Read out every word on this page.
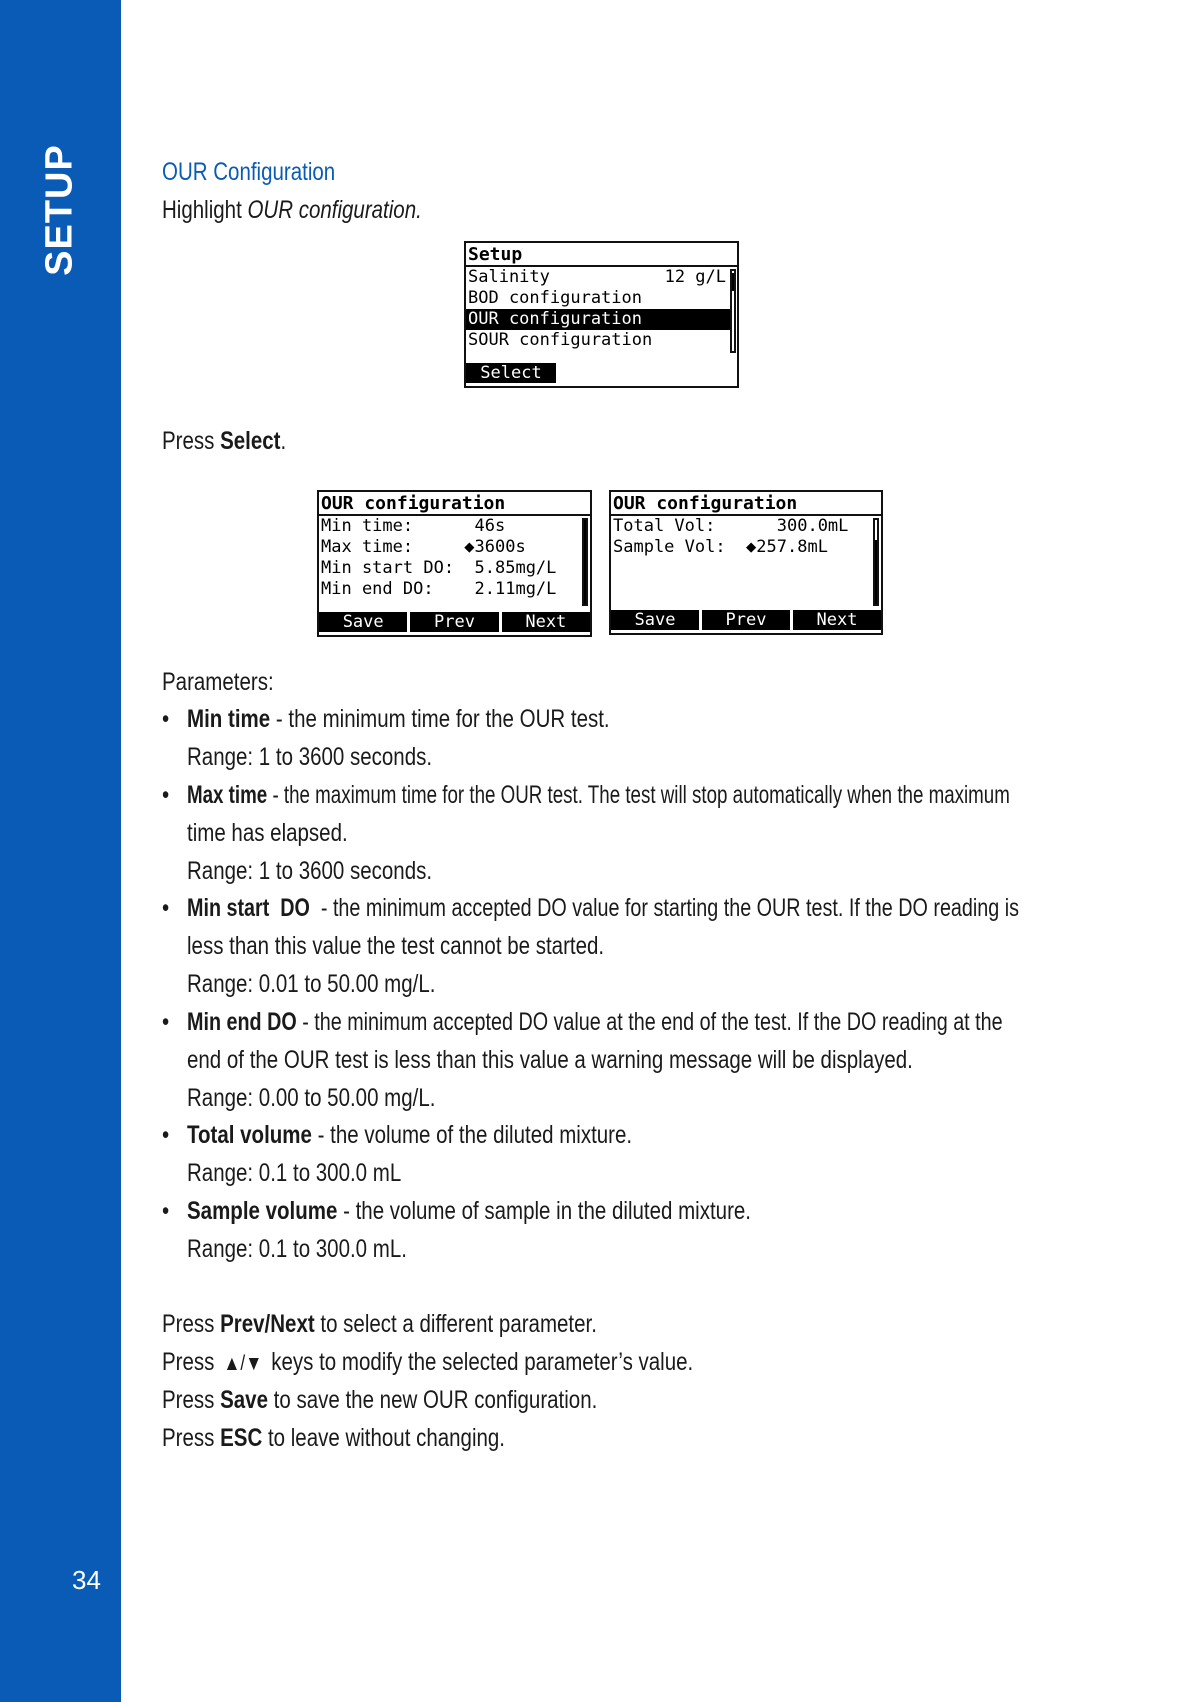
SETUP
34
OUR Configuration
Highlight OUR configuration.
Setup
Salinity	12 g/L
BOD configuration
OUR configuration
SOUR configuration
Select
Press Select.
OUR configuration
Min time:      46s
Max time:     ◆3600s
Min start DO:  5.85mg/L
Min end DO:    2.11mg/L
Save	Prev	Next
OUR configuration
Total Vol:      300.0mL
Sample Vol:  ◆257.8mL
Save	Prev	Next
Parameters:
• Min time - the minimum time for the OUR test.
Range: 1 to 3600 seconds.
• Max time - the maximum time for the OUR test. The test will stop automatically when the maximum
time has elapsed.
Range: 1 to 3600 seconds.
• Min start  DO  - the minimum accepted DO value for starting the OUR test. If the DO reading is
less than this value the test cannot be started.
Range: 0.01 to 50.00 mg/L.
• Min end DO - the minimum accepted DO value at the end of the test. If the DO reading at the
end of the OUR test is less than this value a warning message will be displayed.
Range: 0.00 to 50.00 mg/L.
• Total volume - the volume of the diluted mixture.
Range: 0.1 to 300.0 mL
• Sample volume - the volume of sample in the diluted mixture.
Range: 0.1 to 300.0 mL.
Press Prev/Next to select a different parameter.
Press ▲/▼ keys to modify the selected parameter’s value.
Press Save to save the new OUR configuration.
Press ESC to leave without changing.
